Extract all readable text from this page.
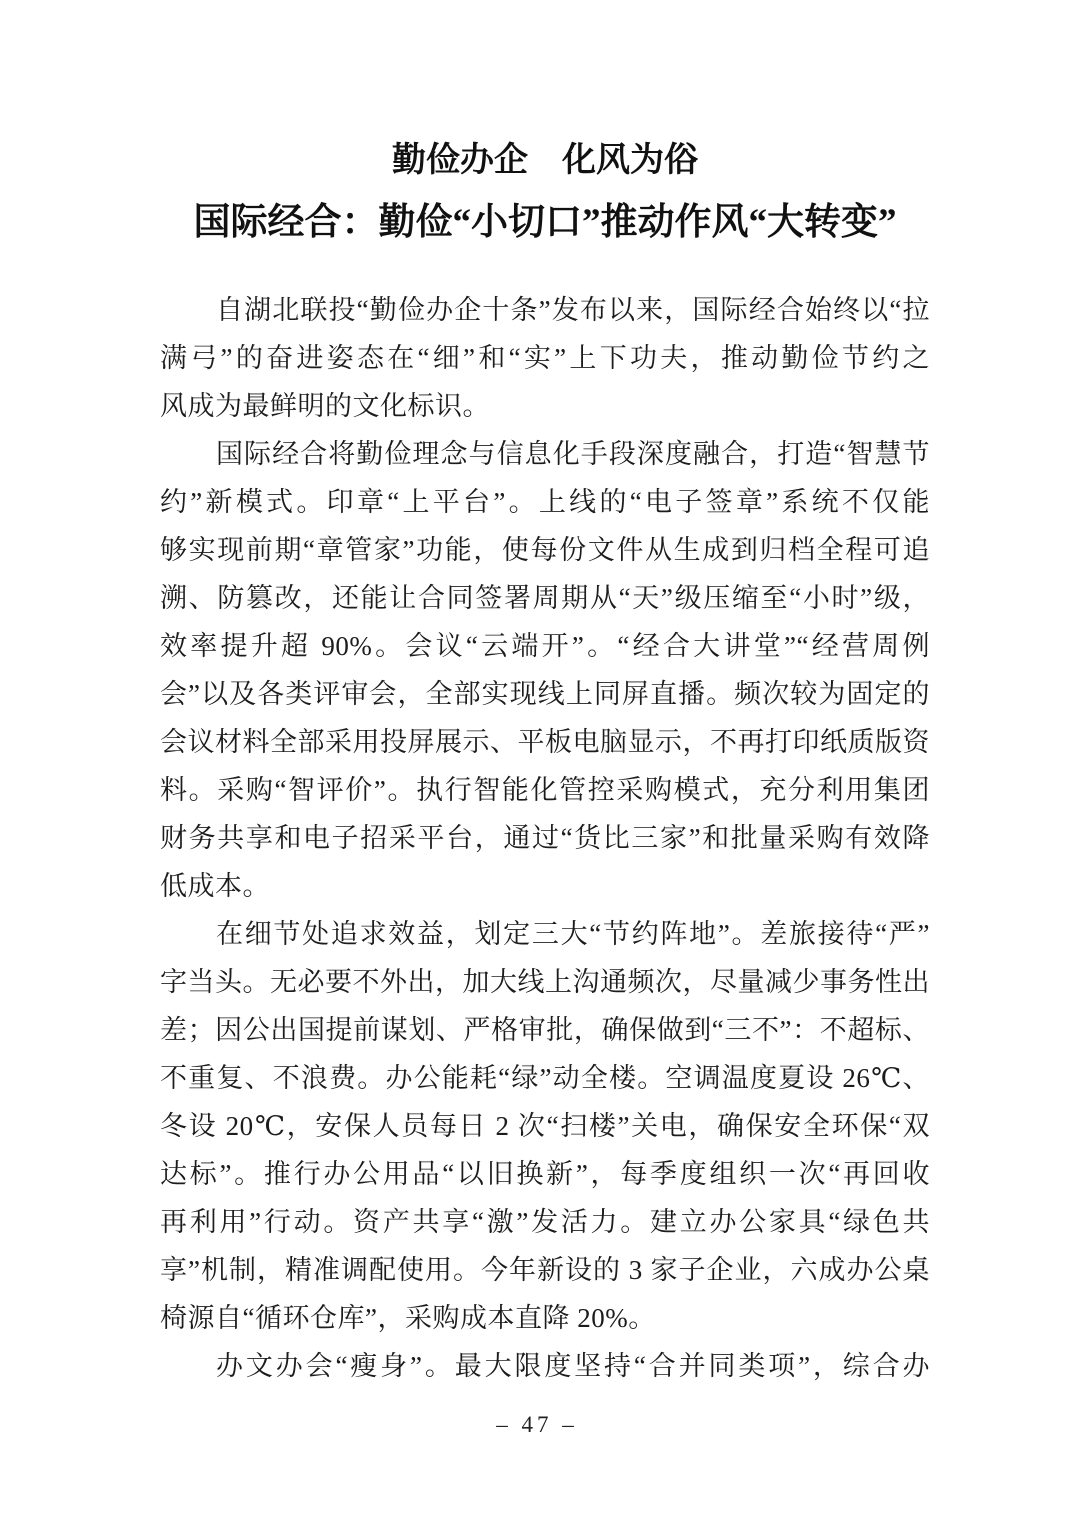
勤俭办企　化风为俗
国际经合：勤俭“小切口”推动作风“大转变”
自湖北联投“勤俭办企十条”发布以来，国际经合始终以“拉
满弓”的奋进姿态在“细”和“实”上下功夫，推动勤俭节约之
风成为最鲜明的文化标识。
国际经合将勤俭理念与信息化手段深度融合，打造“智慧节
约”新模式。印章“上平台”。上线的“电子签章”系统不仅能
够实现前期“章管家”功能，使每份文件从生成到归档全程可追
溯、防篡改，还能让合同签署周期从“天”级压缩至“小时”级，
效率提升超 90%。会议“云端开”。“经合大讲堂”“经营周例
会”以及各类评审会，全部实现线上同屏直播。频次较为固定的
会议材料全部采用投屏展示、平板电脑显示，不再打印纸质版资
料。采购“智评价”。执行智能化管控采购模式，充分利用集团
财务共享和电子招采平台，通过“货比三家”和批量采购有效降
低成本。
在细节处追求效益，划定三大“节约阵地”。差旅接待“严”
字当头。无必要不外出，加大线上沟通频次，尽量减少事务性出
差；因公出国提前谋划、严格审批，确保做到“三不”：不超标、
不重复、不浪费。办公能耗“绿”动全楼。空调温度夏设 26℃、
冬设 20℃，安保人员每日 2 次“扫楼”关电，确保安全环保“双
达标”。推行办公用品“以旧换新”，每季度组织一次“再回收
再利用”行动。资产共享“激”发活力。建立办公家具“绿色共
享”机制，精准调配使用。今年新设的 3 家子企业，六成办公桌
椅源自“循环仓库”，采购成本直降 20%。
办文办会“瘦身”。最大限度坚持“合并同类项”，综合办
– 47 –
